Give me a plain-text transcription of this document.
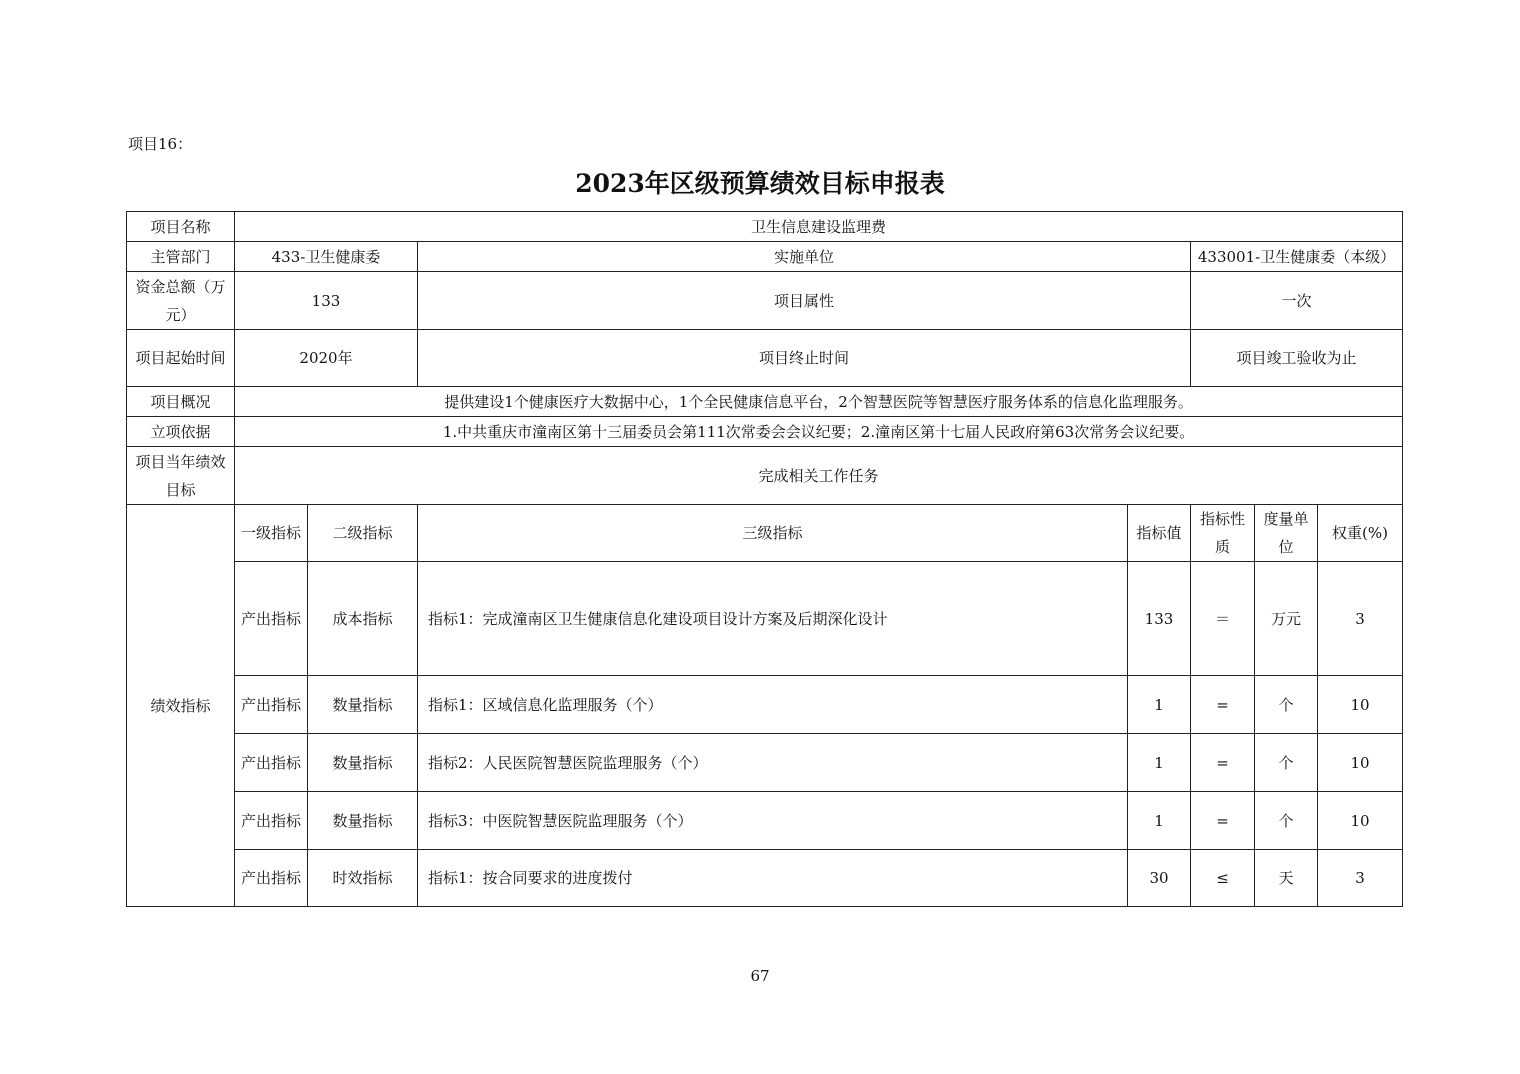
项目16：
2023年区级预算绩效目标申报表
项目名称	卫生信息建设监理费						
主管部门	433-卫生健康委		实施单位		433001-卫生健康委（本级）		
资金总额（万元）	133		项目属性		一次		
项目起始时间	2020年		项目终止时间		项目竣工验收为止		
项目概况	提供建设1个健康医疗大数据中心，1个全民健康信息平台，2个智慧医院等智慧医疗服务体系的信息化监理服务。						
立项依据	1.中共重庆市潼南区第十三届委员会第111次常委会会议纪要；2.潼南区第十七届人民政府第63次常务会议纪要。						
项目当年绩效目标	完成相关工作任务						
绩效指标	一级指标	二级指标	三级指标	指标值	指标性质	度量单位	权重(%)
	产出指标	成本指标	指标1：完成潼南区卫生健康信息化建设项目设计方案及后期深化设计	133	＝	万元	3
	产出指标	数量指标	指标1：区域信息化监理服务（个）	1	=	个	10
	产出指标	数量指标	指标2：人民医院智慧医院监理服务（个）	1	=	个	10
	产出指标	数量指标	指标3：中医院智慧医院监理服务（个）	1	=	个	10
	产出指标	时效指标	指标1：按合同要求的进度拨付	30	≤	天	3
67
